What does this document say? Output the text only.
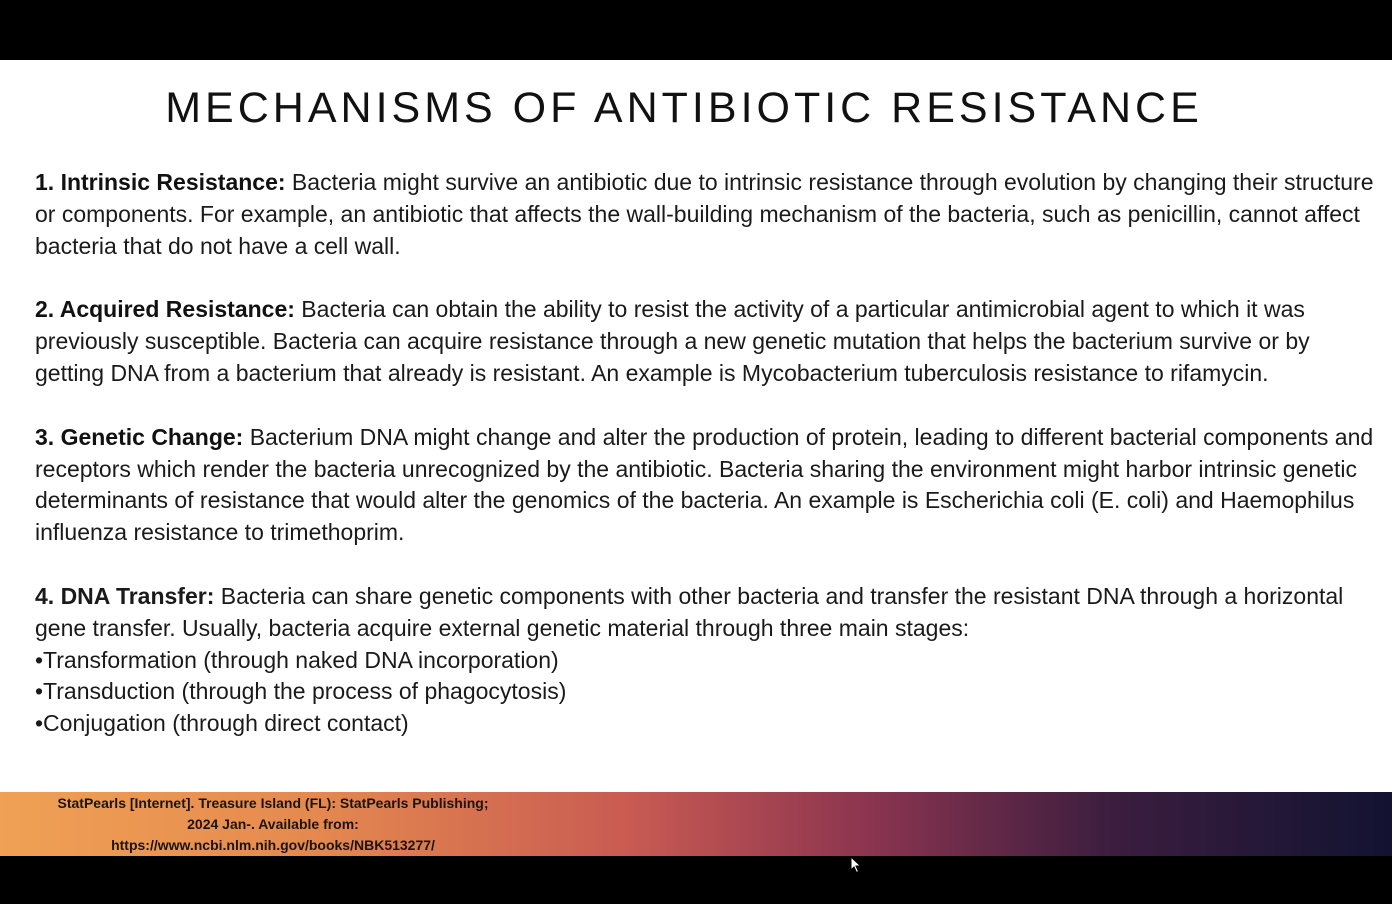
MECHANISMS OF ANTIBIOTIC RESISTANCE

1. Intrinsic Resistance: Bacteria might survive an antibiotic due to intrinsic resistance through evolution by changing their structure or components. For example, an antibiotic that affects the wall-building mechanism of the bacteria, such as penicillin, cannot affect bacteria that do not have a cell wall.

2. Acquired Resistance: Bacteria can obtain the ability to resist the activity of a particular antimicrobial agent to which it was previously susceptible. Bacteria can acquire resistance through a new genetic mutation that helps the bacterium survive or by getting DNA from a bacterium that already is resistant. An example is Mycobacterium tuberculosis resistance to rifamycin.

3. Genetic Change: Bacterium DNA might change and alter the production of protein, leading to different bacterial components and receptors which render the bacteria unrecognized by the antibiotic. Bacteria sharing the environment might harbor intrinsic genetic determinants of resistance that would alter the genomics of the bacteria. An example is Escherichia coli (E. coli) and Haemophilus influenza resistance to trimethoprim.

4. DNA Transfer: Bacteria can share genetic components with other bacteria and transfer the resistant DNA through a horizontal gene transfer. Usually, bacteria acquire external genetic material through three main stages:

•Transformation (through naked DNA incorporation)

•Transduction (through the process of phagocytosis)

•Conjugation (through direct contact)

StatPearls [Internet]. Treasure Island (FL): StatPearls Publishing;
2024 Jan-. Available from:
https://www.ncbi.nlm.nih.gov/books/NBK513277/
